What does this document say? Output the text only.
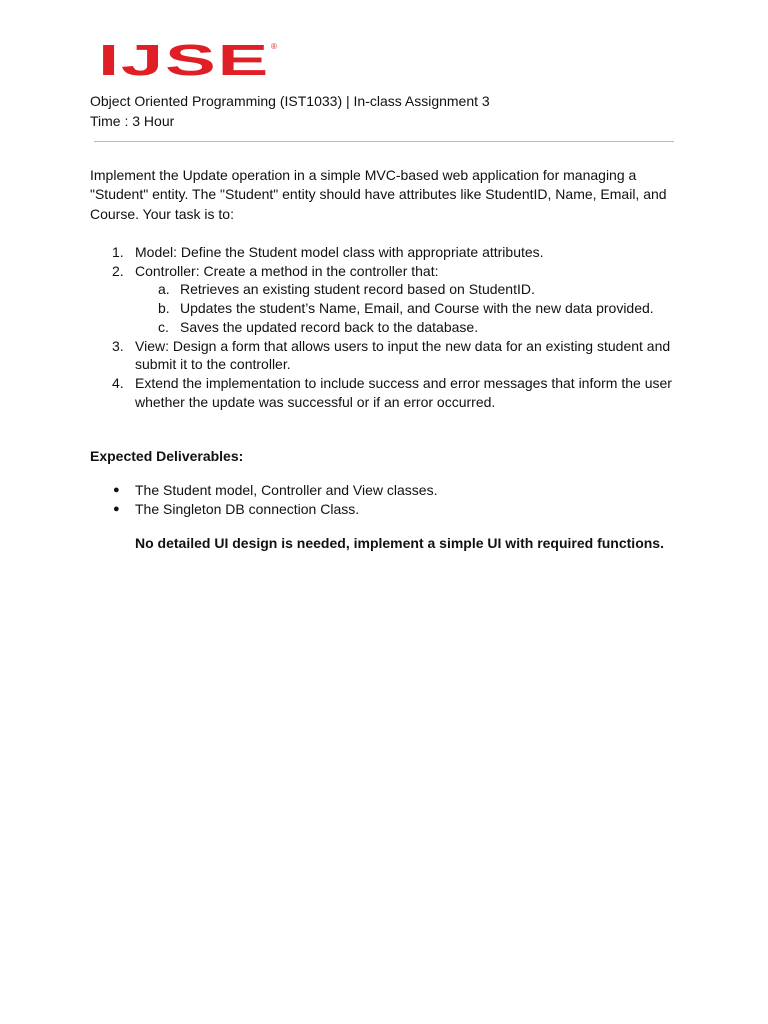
IJSE ®
Object Oriented Programming (IST1033) | In-class Assignment 3
Time : 3 Hour
Implement the Update operation in a simple MVC-based web application for managing a "Student" entity. The "Student" entity should have attributes like StudentID, Name, Email, and Course. Your task is to:
1. Model: Define the Student model class with appropriate attributes.
2. Controller: Create a method in the controller that:
a. Retrieves an existing student record based on StudentID.
b. Updates the student’s Name, Email, and Course with the new data provided.
c. Saves the updated record back to the database.
3. View: Design a form that allows users to input the new data for an existing student and submit it to the controller.
4. Extend the implementation to include success and error messages that inform the user whether the update was successful or if an error occurred.
Expected Deliverables:
● The Student model, Controller and View classes.
● The Singleton DB connection Class.
No detailed UI design is needed, implement a simple UI with required functions.
